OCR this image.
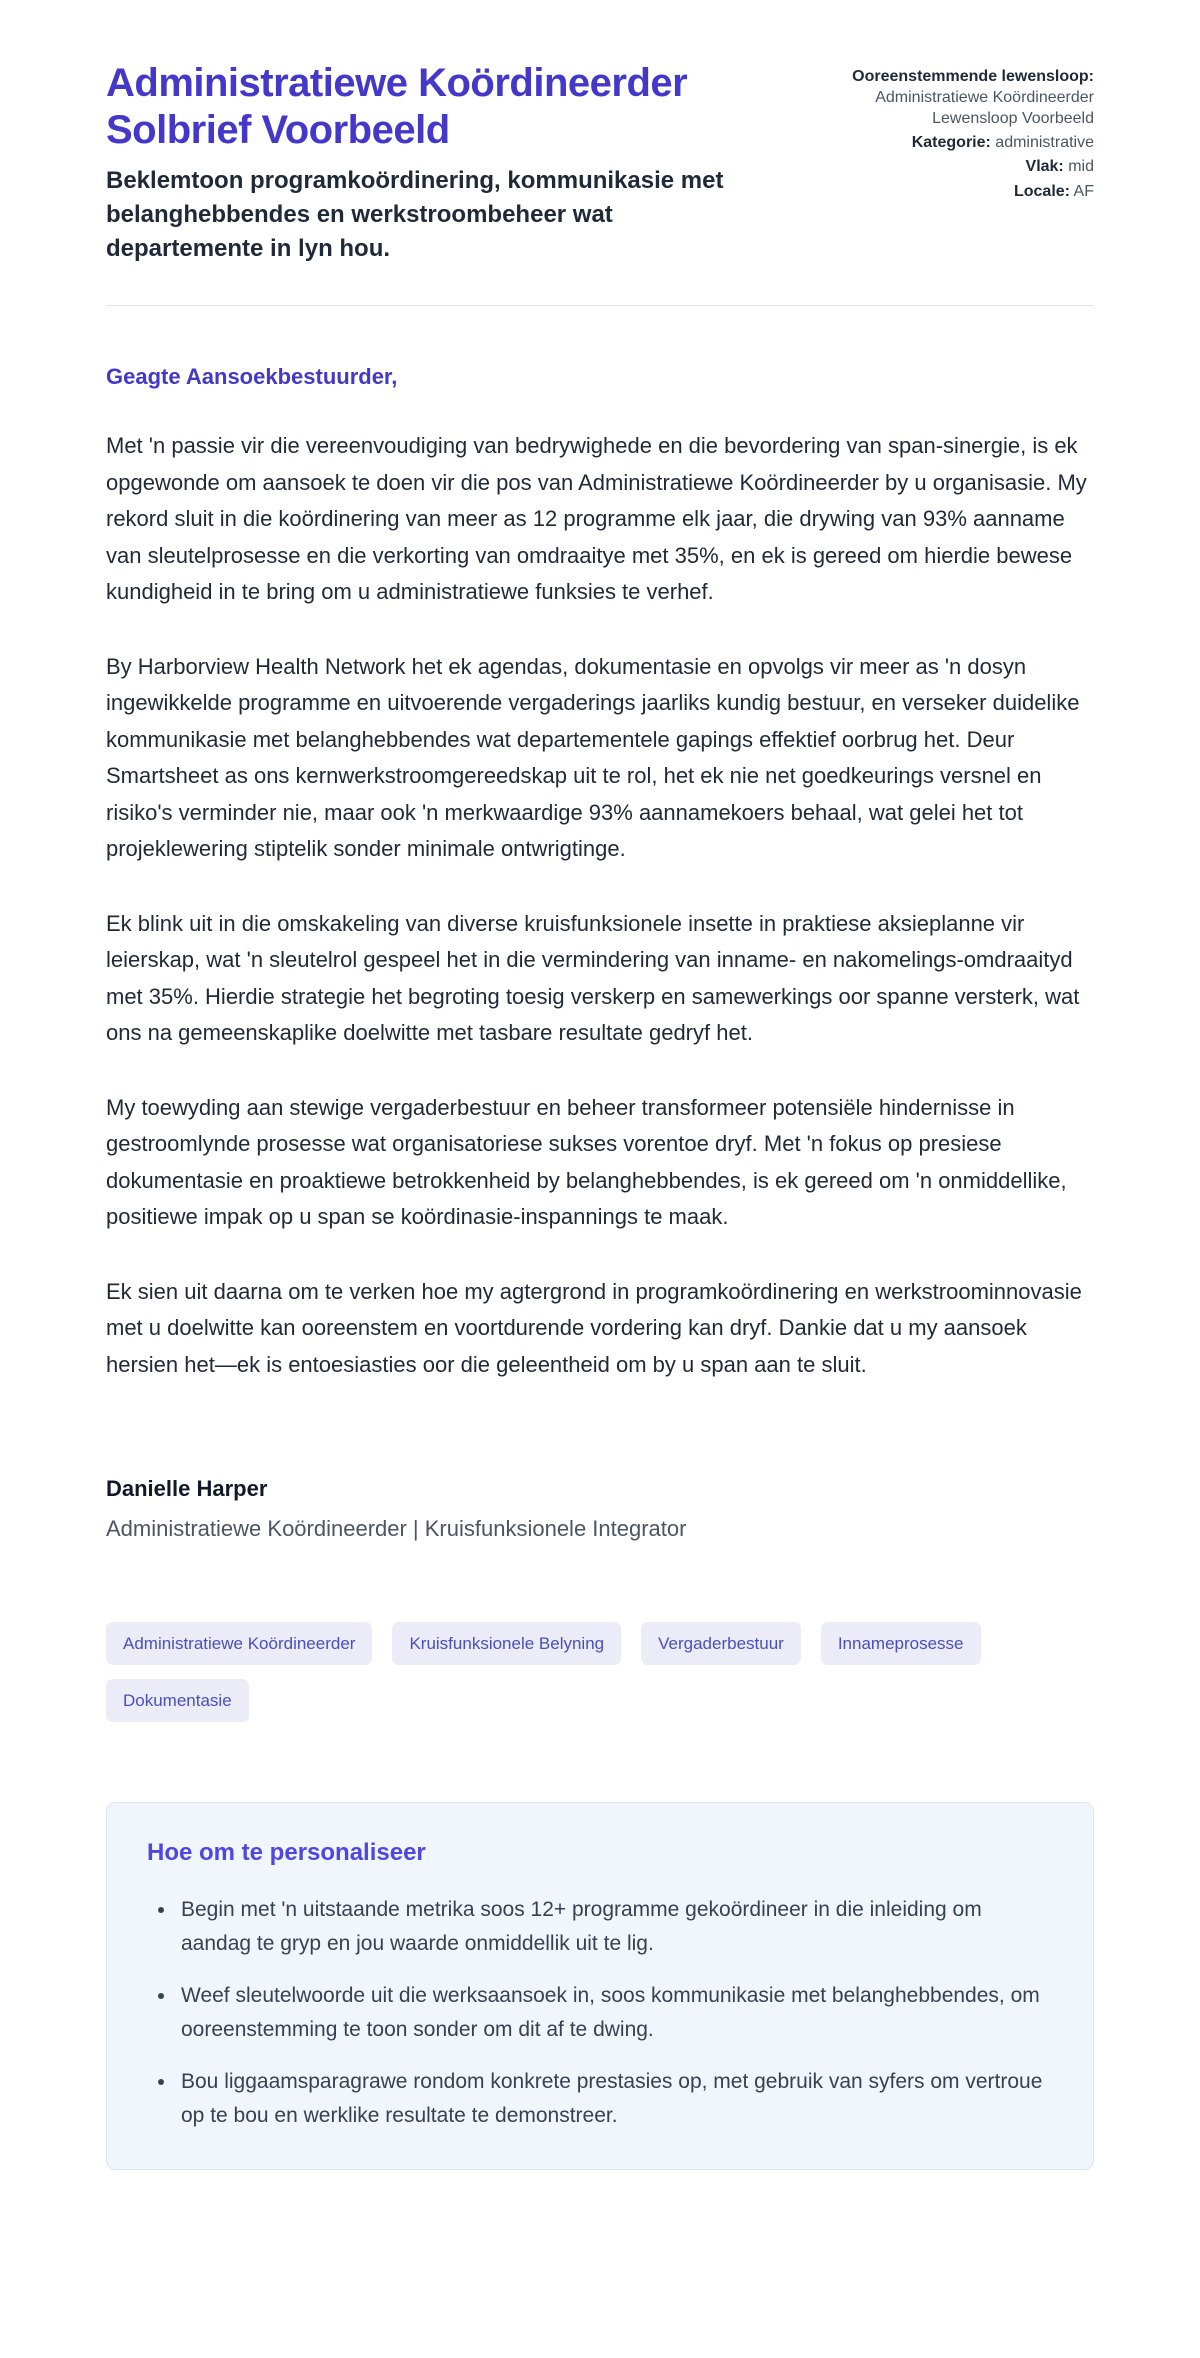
Administratiewe Koördineerder Solbrief Voorbeeld

Beklemtoon programkoördinering, kommunikasie met belanghebbendes en werkstroombeheer wat departemente in lyn hou.

Ooreenstemmende lewensloop: Administratiewe Koördineerder Lewensloop Voorbeeld

Kategorie: administrative

Vlak: mid

Locale: AF

Geagte Aansoekbestuurder,

Met 'n passie vir die vereenvoudiging van bedrywighede en die bevordering van span-sinergie, is ek opgewonde om aansoek te doen vir die pos van Administratiewe Koördineerder by u organisasie. My rekord sluit in die koördinering van meer as 12 programme elk jaar, die drywing van 93% aanname van sleutelprosesse en die verkorting van omdraaitye met 35%, en ek is gereed om hierdie bewese kundigheid in te bring om u administratiewe funksies te verhef.

By Harborview Health Network het ek agendas, dokumentasie en opvolgs vir meer as 'n dosyn ingewikkelde programme en uitvoerende vergaderings jaarliks kundig bestuur, en verseker duidelike kommunikasie met belanghebbendes wat departementele gapings effektief oorbrug het. Deur Smartsheet as ons kernwerkstroomgereedskap uit te rol, het ek nie net goedkeurings versnel en risiko's verminder nie, maar ook 'n merkwaardige 93% aannamekoers behaal, wat gelei het tot projeklewering stiptelik sonder minimale ontwrigtinge.

Ek blink uit in die omskakeling van diverse kruisfunksionele insette in praktiese aksieplanne vir leierskap, wat 'n sleutelrol gespeel het in die vermindering van inname- en nakomelings-omdraaityd met 35%. Hierdie strategie het begroting toesig verskerp en samewerkings oor spanne versterk, wat ons na gemeenskaplike doelwitte met tasbare resultate gedryf het.

My toewyding aan stewige vergaderbestuur en beheer transformeer potensiële hindernisse in gestroomlynde prosesse wat organisatoriese sukses vorentoe dryf. Met 'n fokus op presiese dokumentasie en proaktiewe betrokkenheid by belanghebbendes, is ek gereed om 'n onmiddellike, positiewe impak op u span se koördinasie-inspannings te maak.

Ek sien uit daarna om te verken hoe my agtergrond in programkoördinering en werkstroominnovasie met u doelwitte kan ooreenstem en voortdurende vordering kan dryf. Dankie dat u my aansoek hersien het—ek is entoesiasties oor die geleentheid om by u span aan te sluit.

Danielle Harper

Administratiewe Koördineerder | Kruisfunksionele Integrator

Administratiewe Koördineerder	Kruisfunksionele Belyning	Vergaderbestuur	Innameprosesse
Dokumentasie
Hoe om te personaliseer
• Begin met 'n uitstaande metrika soos 12+ programme gekoördineer in die inleiding om aandag te gryp en jou waarde onmiddellik uit te lig.
• Weef sleutelwoorde uit die werksaansoek in, soos kommunikasie met belanghebbendes, om ooreenstemming te toon sonder om dit af te dwing.
• Bou liggaamsparagrawe rondom konkrete prestasies op, met gebruik van syfers om vertroue op te bou en werklike resultate te demonstreer.
